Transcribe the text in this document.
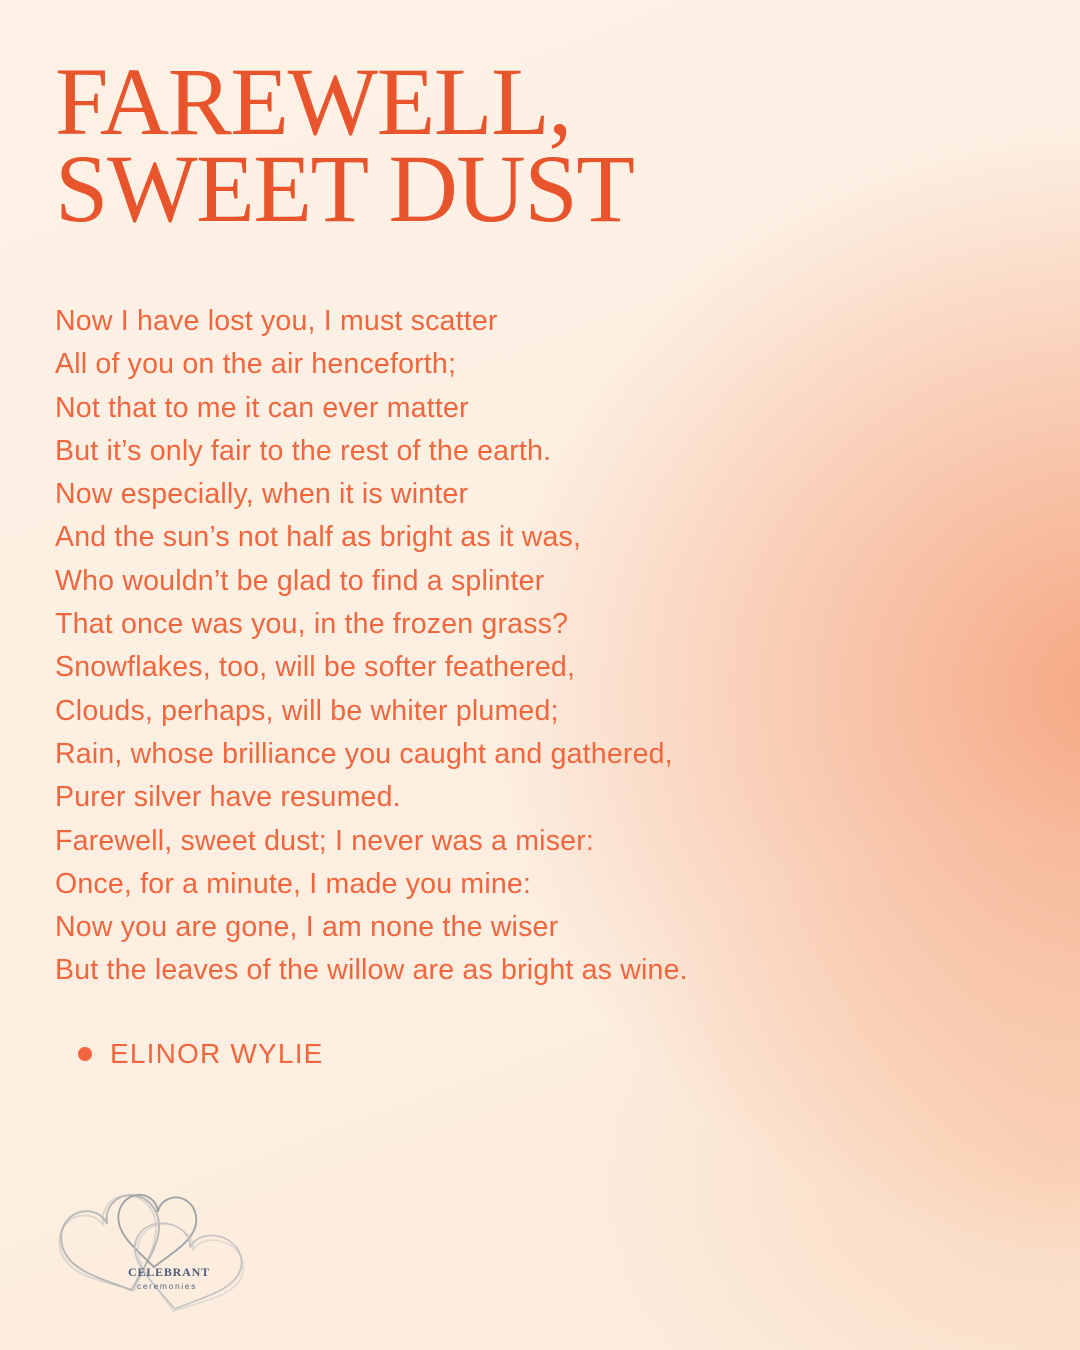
FAREWELL,
SWEET DUST
Now I have lost you, I must scatter
All of you on the air henceforth;
Not that to me it can ever matter
But it’s only fair to the rest of the earth.
Now especially, when it is winter
And the sun’s not half as bright as it was,
Who wouldn’t be glad to find a splinter
That once was you, in the frozen grass?
Snowflakes, too, will be softer feathered,
Clouds, perhaps, will be whiter plumed;
Rain, whose brilliance you caught and gathered,
Purer silver have resumed.
Farewell, sweet dust; I never was a miser:
Once, for a minute, I made you mine:
Now you are gone, I am none the wiser
But the leaves of the willow are as bright as wine.
ELINOR WYLIE
CELEBRANT
ceremonies
